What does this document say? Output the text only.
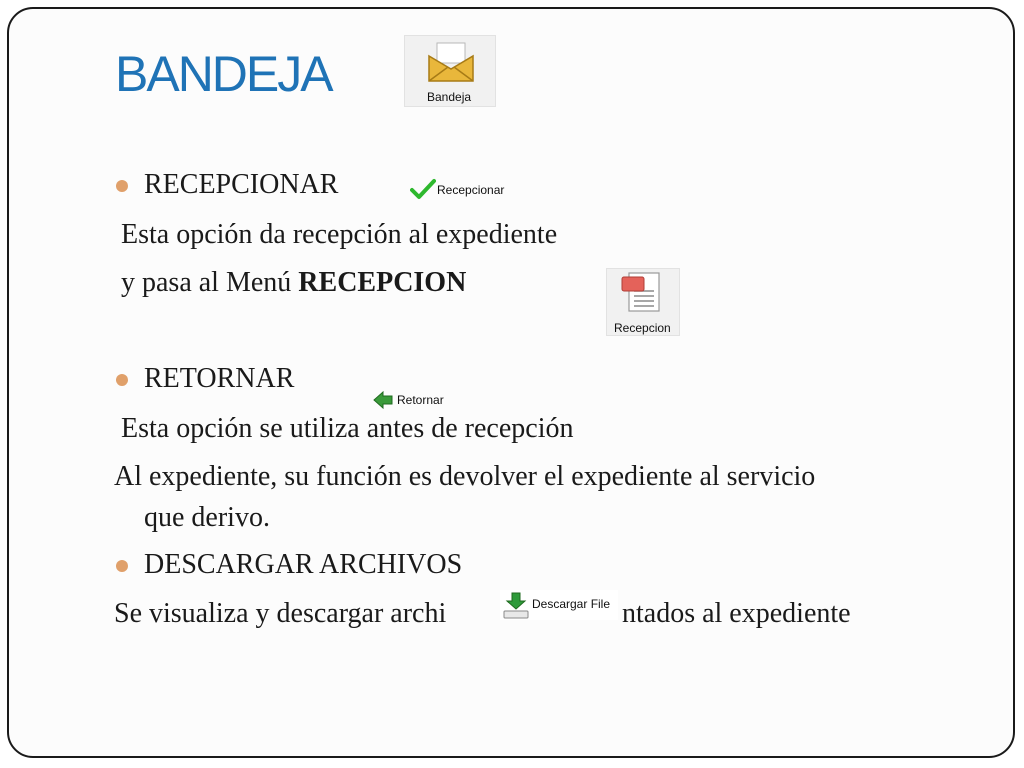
BANDEJA	Bandeja
RECEPCIONAR	Recepcionar
Esta opción da recepción al expediente
y pasa al Menú RECEPCION
Recepcion
RETORNAR
Retornar
Esta opción se utiliza antes de recepción
Al expediente, su función es devolver el expediente al servicio
que derivo.
DESCARGAR ARCHIVOS
Se visualiza y descargar archi	ntados al expediente
Descargar File
